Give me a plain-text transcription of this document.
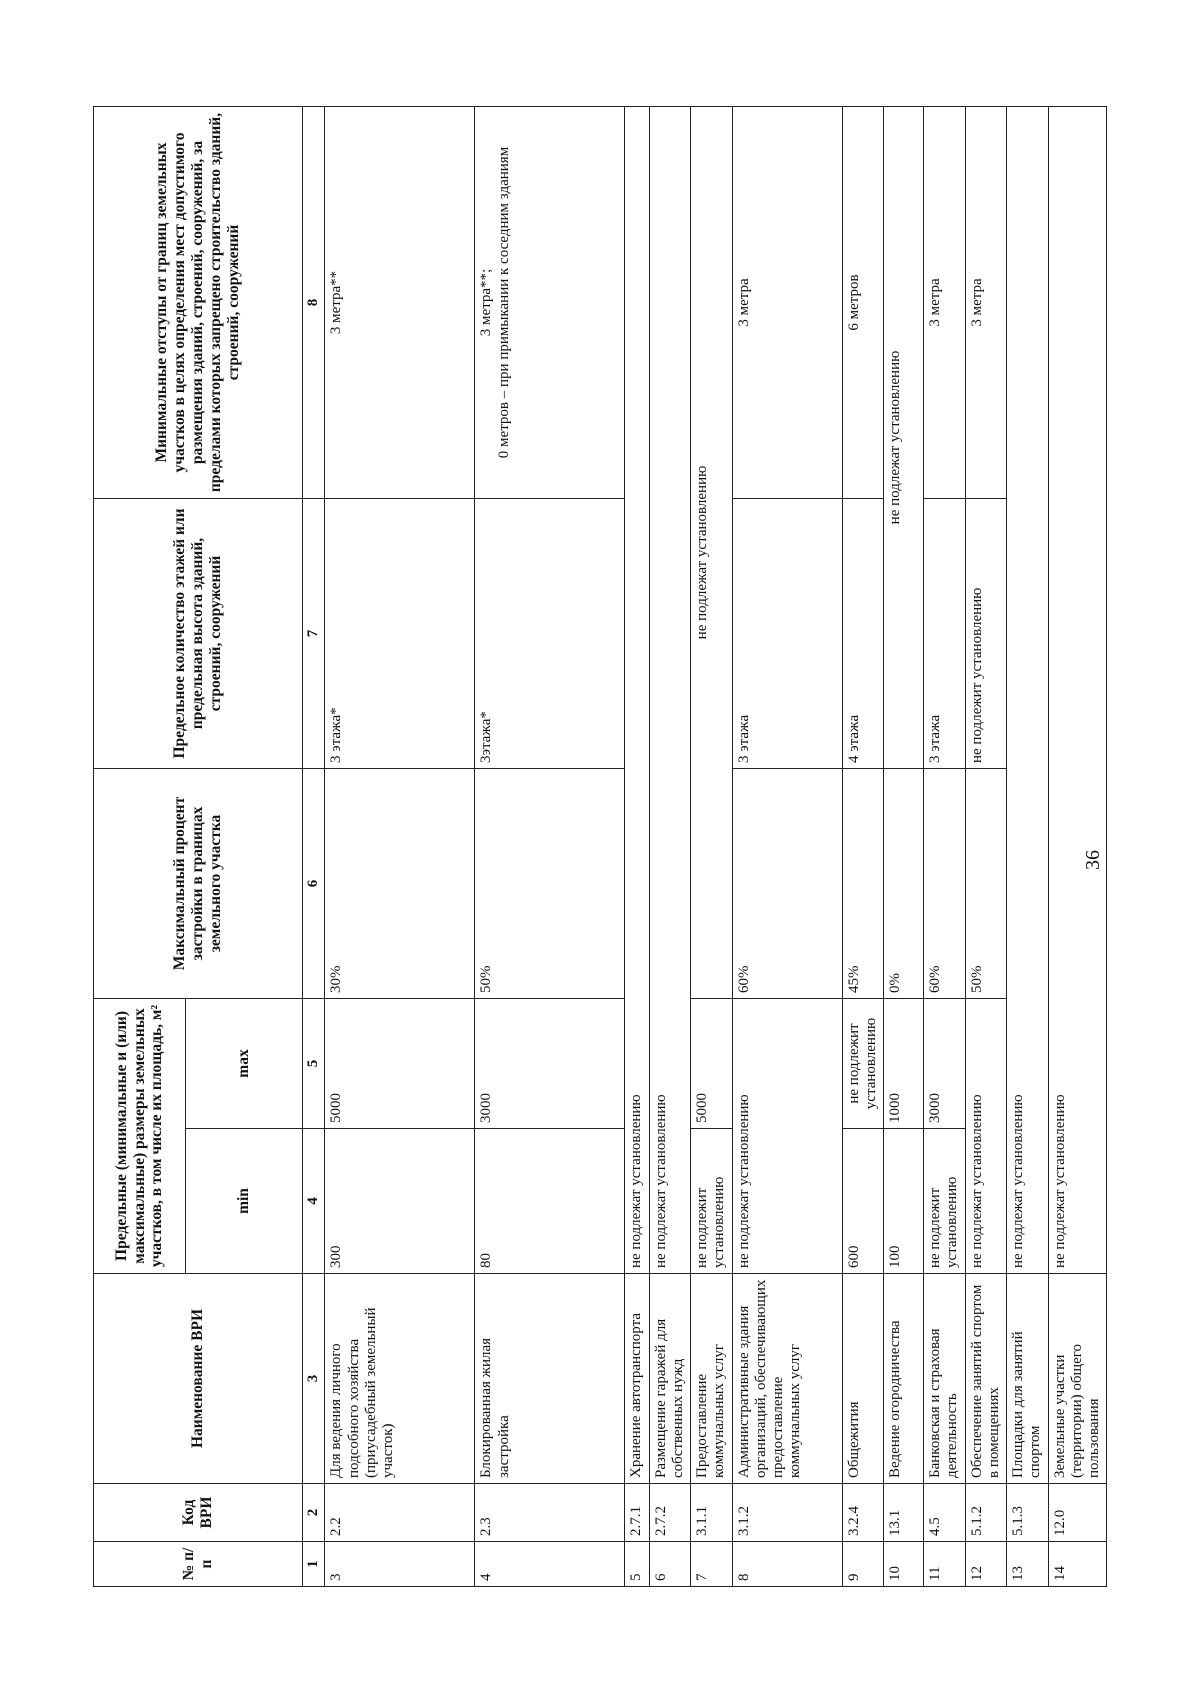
36
№ п/п	Код ВРИ	Наименование ВРИ	Предельные (минимальные и (или) максимальные) размеры земельных участков, в том числе их площадь, м²		Максимальный процент застройки в границах земельного участка	Предельное количество этажей или предельная высота зданий, строений, сооружений	Минимальные отступы от границ земельных участков в целях определения мест допустимого размещения зданий, строений, сооружений, за пределами которых запрещено строительство зданий, строений, сооружений
			min	max			
1	2	3	4	5	6	7	8
3	2.2	Для ведения личного подсобного хозяйства (приусадебный земельный участок)	300	5000	30%	3 этажа*	3 метра**
4	2.3	Блокированная жилая застройка	80	3000	50%	3этажа*	3 метра**;
0 метров – при примыкании к соседним зданиям
5	2.7.1	Хранение автотранспорта	не подлежат установлению				
6	2.7.2	Размещение гаражей для собственных нужд	не подлежат установлению				
7	3.1.1	Предоставление коммунальных услуг	не подлежит установлению	5000	не подлежат установлению		
8	3.1.2	Административные здания организаций, обеспечивающих предоставление коммунальных услуг	не подлежат установлению		60%	3 этажа	3 метра
9	3.2.4	Общежития	600	не подлежит установлению	45%	4 этажа	6 метров
10	13.1	Ведение огородничества	100	1000	0%	не подлежат установлению	
11	4.5	Банковская и страховая деятельность	не подлежит установлению	3000	60%	3 этажа	3 метра
12	5.1.2	Обеспечение занятий спортом в помещениях	не подлежат установлению		50%	не подлежит установлению	3 метра
13	5.1.3	Площадки для занятий спортом	не подлежат установлению				
14	12.0	Земельные участки (территории) общего пользования	не подлежат установлению				
